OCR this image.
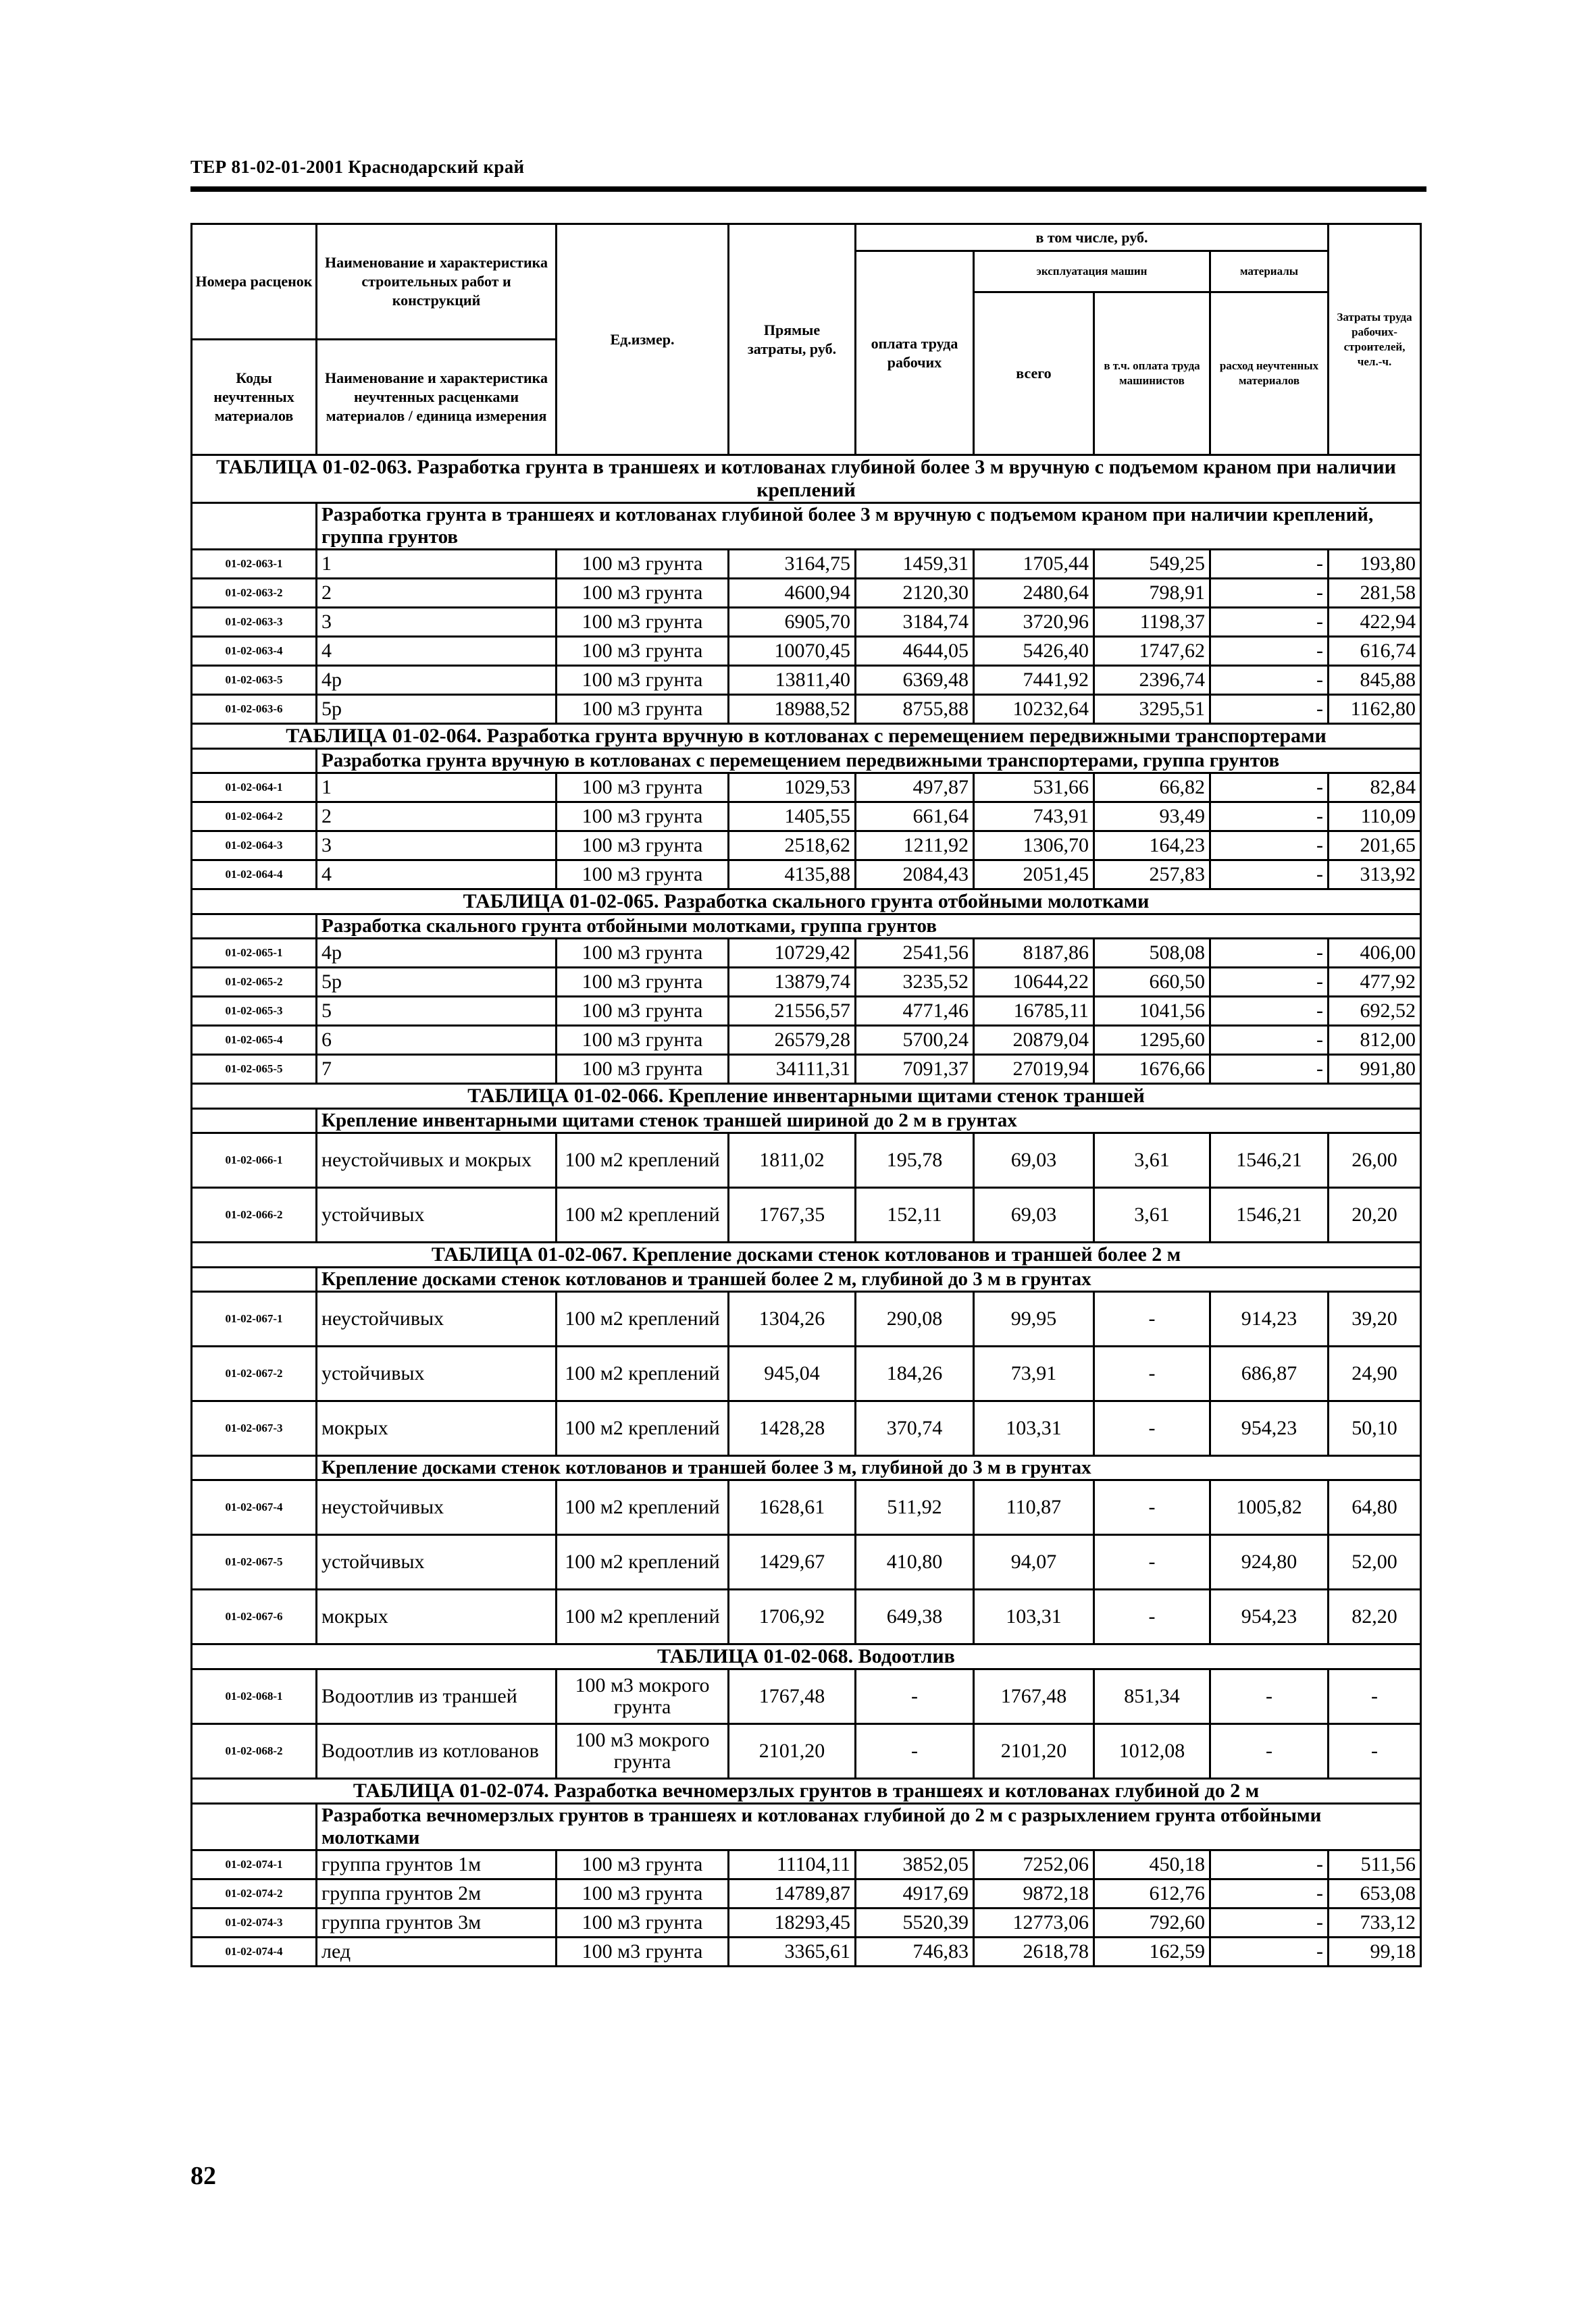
ТЕР 81-02-01-2001 Краснодарский край
Номера расценок	Наименование и характеристика строительных работ и конструкций	Ед.измер.	Прямые затраты, руб.	в том числе, руб.				Затраты труда рабочих-строителей, чел.-ч.
				оплата труда рабочих	эксплуатация машин		материалы	
					всего	в т.ч. оплата труда машинистов	расход неучтенных материалов	
Коды неучтенных материалов	Наименование и характеристика неучтенных расценками материалов / единица измерения							

ТАБЛИЦА 01-02-063. Разработка грунта в траншеях и котлованах глубиной более 3 м вручную с подъемом краном при наличии креплений								
	Разработка грунта в траншеях и котлованах глубиной более 3 м вручную с подъемом краном при наличии креплений, группа грунтов							
01-02-063-1	1	100 м3 грунта	3164,75	1459,31	1705,44	549,25	-	193,80
01-02-063-2	2	100 м3 грунта	4600,94	2120,30	2480,64	798,91	-	281,58
01-02-063-3	3	100 м3 грунта	6905,70	3184,74	3720,96	1198,37	-	422,94
01-02-063-4	4	100 м3 грунта	10070,45	4644,05	5426,40	1747,62	-	616,74
01-02-063-5	4р	100 м3 грунта	13811,40	6369,48	7441,92	2396,74	-	845,88
01-02-063-6	5р	100 м3 грунта	18988,52	8755,88	10232,64	3295,51	-	1162,80
ТАБЛИЦА 01-02-064. Разработка грунта вручную в котлованах с перемещением передвижными транспортерами								
	Разработка грунта вручную в котлованах с перемещением передвижными транспортерами, группа грунтов							
01-02-064-1	1	100 м3 грунта	1029,53	497,87	531,66	66,82	-	82,84
01-02-064-2	2	100 м3 грунта	1405,55	661,64	743,91	93,49	-	110,09
01-02-064-3	3	100 м3 грунта	2518,62	1211,92	1306,70	164,23	-	201,65
01-02-064-4	4	100 м3 грунта	4135,88	2084,43	2051,45	257,83	-	313,92
ТАБЛИЦА 01-02-065. Разработка скального грунта отбойными молотками								
	Разработка скального грунта отбойными молотками, группа грунтов							
01-02-065-1	4р	100 м3 грунта	10729,42	2541,56	8187,86	508,08	-	406,00
01-02-065-2	5р	100 м3 грунта	13879,74	3235,52	10644,22	660,50	-	477,92
01-02-065-3	5	100 м3 грунта	21556,57	4771,46	16785,11	1041,56	-	692,52
01-02-065-4	6	100 м3 грунта	26579,28	5700,24	20879,04	1295,60	-	812,00
01-02-065-5	7	100 м3 грунта	34111,31	7091,37	27019,94	1676,66	-	991,80
ТАБЛИЦА 01-02-066. Крепление инвентарными щитами стенок траншей								
	Крепление инвентарными щитами стенок траншей шириной до 2 м в грунтах							
01-02-066-1	неустойчивых и мокрых	100 м2 креплений	1811,02	195,78	69,03	3,61	1546,21	26,00
01-02-066-2	устойчивых	100 м2 креплений	1767,35	152,11	69,03	3,61	1546,21	20,20
ТАБЛИЦА 01-02-067. Крепление досками стенок котлованов и траншей более 2 м								
	Крепление досками стенок котлованов и траншей более 2 м, глубиной до 3 м в грунтах							
01-02-067-1	неустойчивых	100 м2 креплений	1304,26	290,08	99,95	-	914,23	39,20
01-02-067-2	устойчивых	100 м2 креплений	945,04	184,26	73,91	-	686,87	24,90
01-02-067-3	мокрых	100 м2 креплений	1428,28	370,74	103,31	-	954,23	50,10
	Крепление досками стенок котлованов и траншей более 3 м, глубиной до 3 м в грунтах							
01-02-067-4	неустойчивых	100 м2 креплений	1628,61	511,92	110,87	-	1005,82	64,80
01-02-067-5	устойчивых	100 м2 креплений	1429,67	410,80	94,07	-	924,80	52,00
01-02-067-6	мокрых	100 м2 креплений	1706,92	649,38	103,31	-	954,23	82,20
ТАБЛИЦА 01-02-068. Водоотлив								
01-02-068-1	Водоотлив из траншей	100 м3 мокрого грунта	1767,48	-	1767,48	851,34	-	-
01-02-068-2	Водоотлив из котлованов	100 м3 мокрого грунта	2101,20	-	2101,20	1012,08	-	-
ТАБЛИЦА 01-02-074. Разработка вечномерзлых грунтов в траншеях и котлованах глубиной до 2 м								
	Разработка вечномерзлых грунтов в траншеях и котлованах глубиной до 2 м с разрыхлением грунта отбойными молотками							
01-02-074-1	группа грунтов 1м	100 м3 грунта	11104,11	3852,05	7252,06	450,18	-	511,56
01-02-074-2	группа грунтов 2м	100 м3 грунта	14789,87	4917,69	9872,18	612,76	-	653,08
01-02-074-3	группа грунтов 3м	100 м3 грунта	18293,45	5520,39	12773,06	792,60	-	733,12
01-02-074-4	лед	100 м3 грунта	3365,61	746,83	2618,78	162,59	-	99,18
82
